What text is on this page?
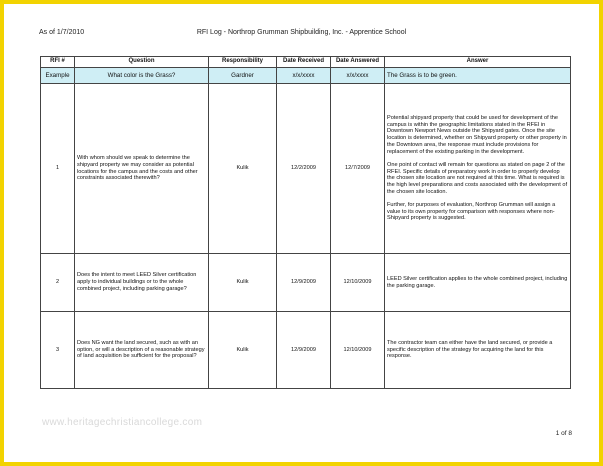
As of 1/7/2010	RFI Log - Northrop Grumman Shipbuilding, Inc. - Apprentice School
RFI #	Question	Responsibility	Date Received	Date Answered	Answer
Example	What color is the Grass?	Gardner	x/x/xxxx	x/x/xxxx	The Grass is to be green.
1	With whom should we speak to determine the shipyard property we may consider as potential locations for the campus and the costs and other constraints associated therewith?	Kulik	12/2/2009	12/7/2009	Potential shipyard property that could be used for development of the campus is within the geographic limitations stated in the RFEI in Downtown Newport News outside the Shipyard gates. Once the site location is determined, whether on Shipyard property or other property in the Downtown area, the response must include provisions for replacement of the existing parking in the development.
One point of contact will remain for questions as stated on page 2 of the RFEI. Specific details of preparatory work in order to properly develop the chosen site location are not required at this time. What is required is the high level preparations and costs associated with the development of the chosen site location.
Further, for purposes of evaluation, Northrop Grumman will assign a value to its own property for comparison with responses where non-Shipyard property is suggested.

2	Does the intent to meet LEED Silver certification apply to individual buildings or to the whole combined project, including parking garage?	Kulik	12/9/2009	12/10/2009	LEED Silver certification applies to the whole combined project, including the parking garage.

3	Does NG want the land secured, such as with an option, or will a description of a reasonable strategy of land acquisition be sufficient for the proposal?	Kulik	12/9/2009	12/10/2009	The contractor team can either have the land secured, or provide a specific description of the strategy for acquiring the land for this response.
www.heritagechristiancollege.com
1 of 8
